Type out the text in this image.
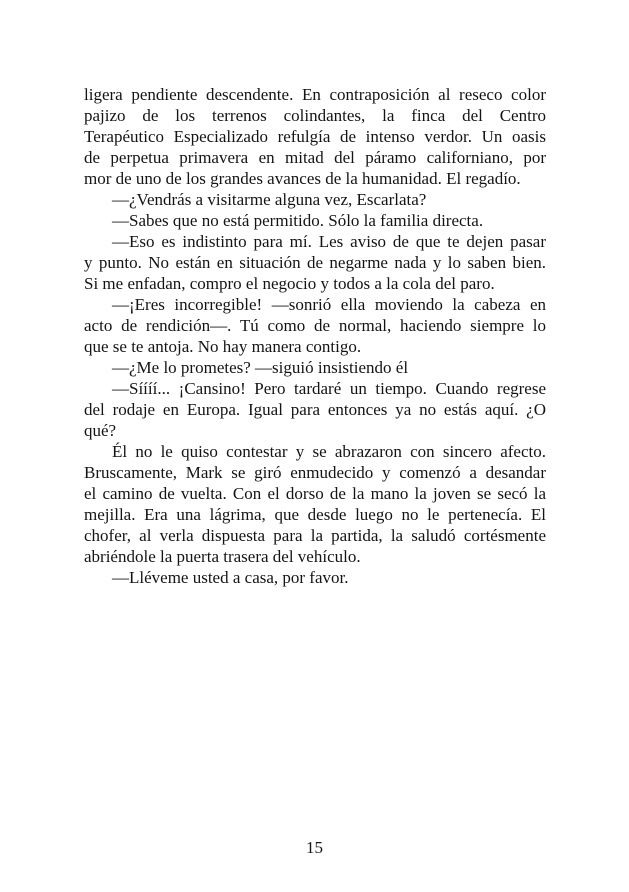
ligera pendiente descendente. En contraposición al reseco color
pajizo de los terrenos colindantes, la finca del Centro
Terapéutico Especializado refulgía de intenso verdor. Un oasis
de perpetua primavera en mitad del páramo californiano, por
mor de uno de los grandes avances de la humanidad. El regadío.
—¿Vendrás a visitarme alguna vez, Escarlata?
—Sabes que no está permitido. Sólo la familia directa.
—Eso es indistinto para mí. Les aviso de que te dejen pasar
y punto. No están en situación de negarme nada y lo saben bien.
Si me enfadan, compro el negocio y todos a la cola del paro.
—¡Eres incorregible! —sonrió ella moviendo la cabeza en
acto de rendición—. Tú como de normal, haciendo siempre lo
que se te antoja. No hay manera contigo.
—¿Me lo prometes? —siguió insistiendo él
—Síííí... ¡Cansino! Pero tardaré un tiempo. Cuando regrese
del rodaje en Europa. Igual para entonces ya no estás aquí. ¿O
qué?
Él no le quiso contestar y se abrazaron con sincero afecto.
Bruscamente, Mark se giró enmudecido y comenzó a desandar
el camino de vuelta. Con el dorso de la mano la joven se secó la
mejilla. Era una lágrima, que desde luego no le pertenecía. El
chofer, al verla dispuesta para la partida, la saludó cortésmente
abriéndole la puerta trasera del vehículo.
—Lléveme usted a casa, por favor.
15
